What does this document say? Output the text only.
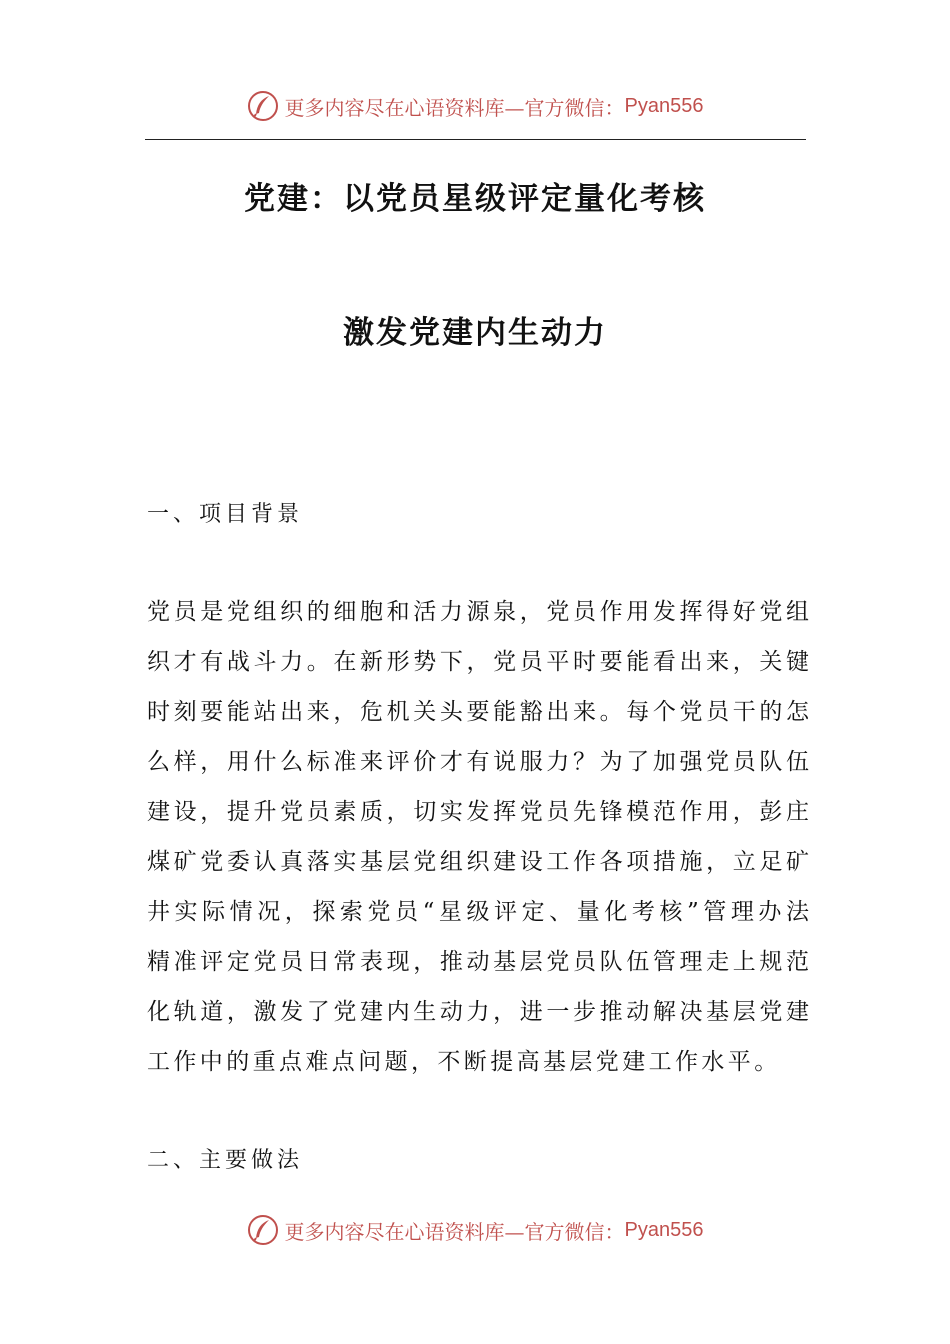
更多内容尽在心语资料库—官方微信： Pyan556
党建：以党员星级评定量化考核
激发党建内生动力
一、项目背景
党员是党组织的细胞和活力源泉，党员作用发挥得好党组
织才有战斗力。在新形势下，党员平时要能看出来，关键
时刻要能站出来，危机关头要能豁出来。每个党员干的怎
么样，用什么标准来评价才有说服力？为了加强党员队伍
建设，提升党员素质，切实发挥党员先锋模范作用，彭庄
煤矿党委认真落实基层党组织建设工作各项措施，立足矿
井实际情况，探索党员“星级评定、量化考核”管理办法
精准评定党员日常表现，推动基层党员队伍管理走上规范
化轨道，激发了党建内生动力，进一步推动解决基层党建
工作中的重点难点问题，不断提高基层党建工作水平。
二、主要做法
更多内容尽在心语资料库—官方微信： Pyan556
